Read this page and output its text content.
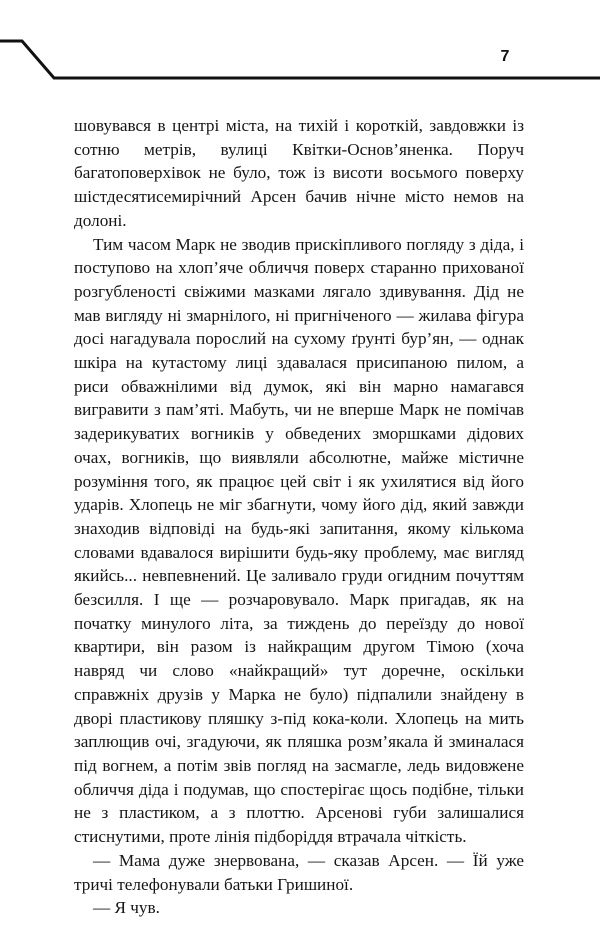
7

шовувався в центрі міста, на тихій і короткій, завдовжки із сотню метрів, вулиці Квітки-Основ’яненка. Поруч багатоповерхівок не було, тож із висоти восьмого поверху шістдесятисемирічний Арсен бачив нічне місто немов на долоні.

Тим часом Марк не зводив прискіпливого погляду з діда, і поступово на хлоп’яче обличчя поверх старанно прихованої розгубленості свіжими мазками лягало здивування. Дід не мав вигляду ні змарнілого, ні пригніченого — жилава фігура досі нагадувала порослий на сухому ґрунті бур’ян, — однак шкіра на кутастому лиці здавалася присипаною пилом, а риси обважнілими від думок, які він марно намагався вигравити з пам’яті. Мабуть, чи не вперше Марк не помічав задерикуватих вогників у обведених зморшками дідових очах, вогників, що виявляли абсолютне, майже містичне розуміння того, як працює цей світ і як ухилятися від його ударів. Хлопець не міг збагнути, чому його дід, який завжди знаходив відповіді на будь-які запитання, якому кількома словами вдавалося вирішити будь-яку проблему, має вигляд якийсь... невпевнений. Це заливало груди огидним почуттям безсилля. І ще — розчаровувало. Марк пригадав, як на початку минулого літа, за тиждень до переїзду до нової квартири, він разом із найкращим другом Тімою (хоча навряд чи слово «найкращий» тут доречне, оскільки справжніх друзів у Марка не було) підпалили знайдену в дворі пластикову пляшку з-під кока-коли. Хлопець на мить заплющив очі, згадуючи, як пляшка розм’якала й зминалася під вогнем, а потім звів погляд на засмагле, ледь видовжене обличчя діда і подумав, що спостерігає щось подібне, тільки не з пластиком, а з плоттю. Арсенові губи залишалися стиснутими, проте лінія підборіддя втрачала чіткість.

— Мама дуже знервована, — сказав Арсен. — Їй уже тричі телефонували батьки Гришиної.

— Я чув.
